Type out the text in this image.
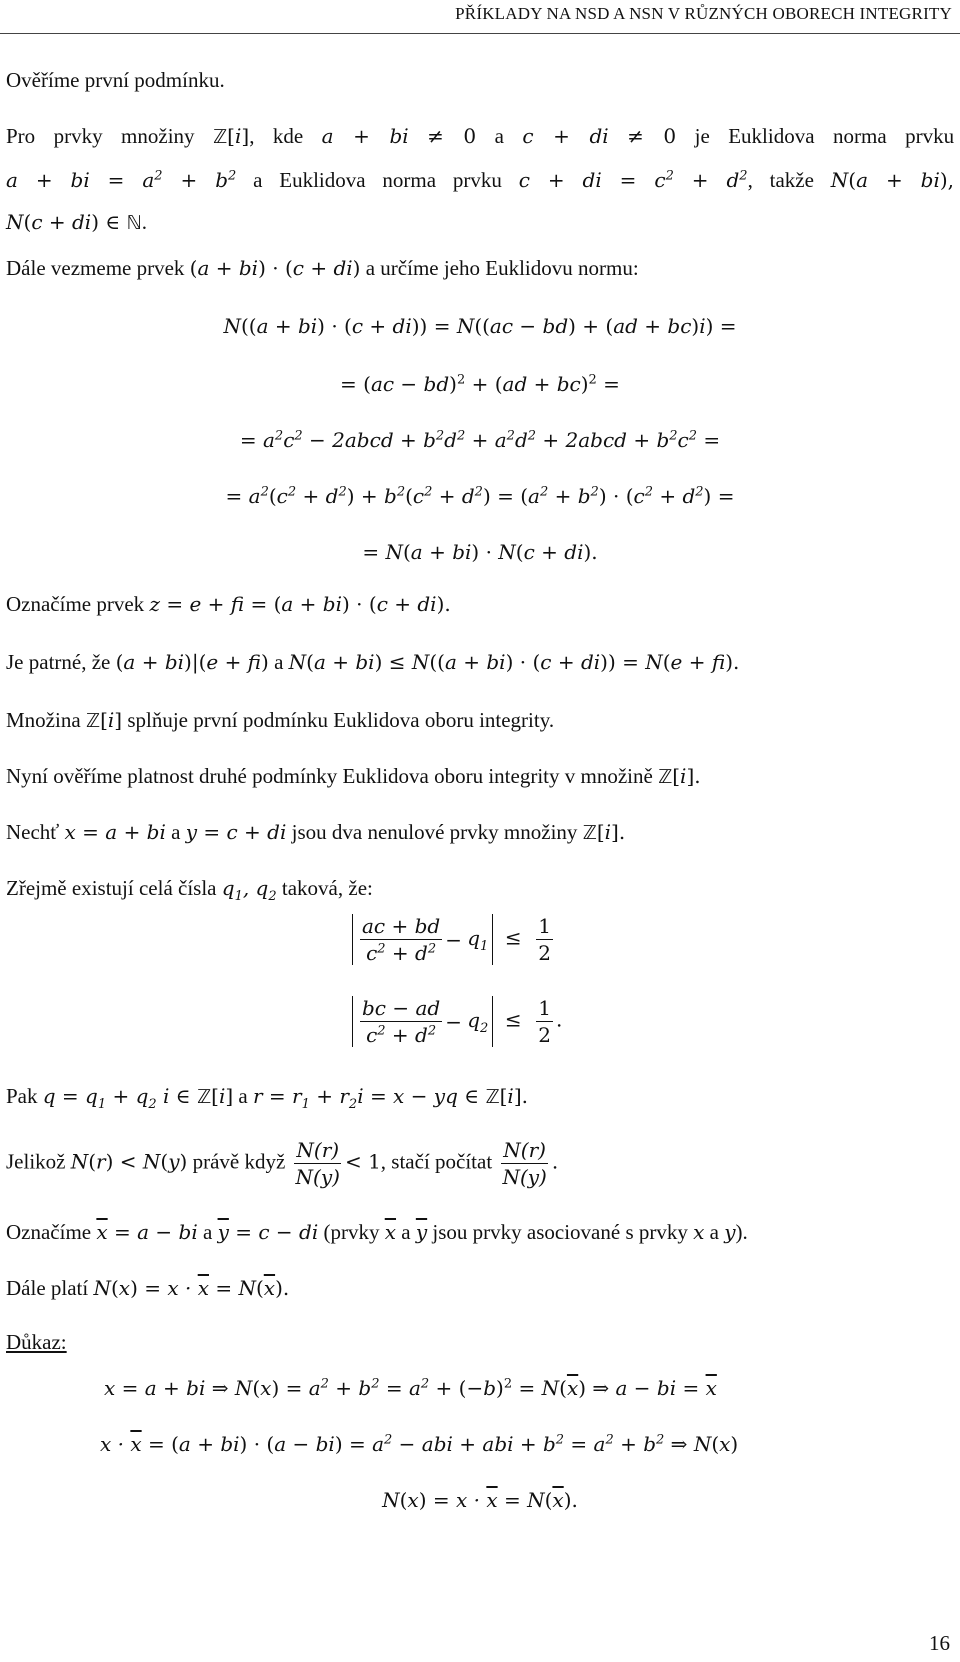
PŘÍKLADY NA NSD A NSN V RŮZNÝCH OBORECH INTEGRITY
Ověříme první podmínku.
Pro prvky množiny ℤ[i], kde a + bi ≠ 0 a c + di ≠ 0 je Euklidova norma prvku
a + bi = $a^2 + b^2$ a Euklidova norma prvku c + di = $c^2 + d^2$, takže N(a + bi),
N(c + di) ∈ ℕ.
Dále vezmeme prvek (a + bi) · (c + di) a určíme jeho Euklidovu normu:
N((a + bi) · (c + di)) = N((ac − bd) + (ad + bc)i) =
= (ac − bd)$^2$ + (ad + bc)$^2$ =
= $a^2c^2$ − 2abcd + $b^2d^2 + a^2d^2$ + 2abcd + $b^2c^2$ =
= $a^2(c^2 + d^2) + b^2(c^2 + d^2) = (a^2 + b^2) \cdot (c^2 + d^2)$ =
= N(a + bi) · N(c + di).
Označíme prvek z = e + fi = (a + bi) · (c + di).
Je patrné, že (a + bi)|(e + fi) a N(a + bi) ≤ N((a + bi) · (c + di)) = N(e + fi).
Množina ℤ[i] splňuje první podmínku Euklidova oboru integrity.
Nyní ověříme platnost druhé podmínky Euklidova oboru integrity v množině ℤ[i].
Nechť x = a + bi a y = c + di jsou dva nenulové prvky množiny ℤ[i].
Zřejmě existují celá čísla $q_1$, $q_2$ taková, že:
$\frac{ac + bd}{c^2 + d^2}$ −
$q_1 \le \frac{1}{2}$
$\frac{bc - ad}{c^2 + d^2}$ −
$q_2 \le \frac{1}{2}$ .
Pak $q = q_1 + q_2$ i ∈ ℤ[i] a $r = r_1 + r_2i = x$ − yq ∈ ℤ[i].
Jelikož N(r) < N(y) právě když $\frac{N(r)}{N(y)} < 1$, stačí počítat $\frac{N(r)}{N(y)}$ .
Označíme $\overline{x} = a$ − bi a $\overline{y} = c$ − di (prvky $\overline{x}$ a $\overline{y}$ jsou prvky asociované s prvky x a y).
Dále platí $N(x) = x \cdot \overline{x} = N(\overline{x})$.
Důkaz:
x = a + bi ⇒ $N(x) = a^2 + b^2 = a^2 + (-b)^2 = N(\overline{x})$ ⇒ a − bi = $\overline{x}$
$x \cdot \overline{x} = (a + bi) \cdot (a - bi) = a^2$ − abi + abi + $b^2 = a^2 + b^2$ ⇒ N(x)
$N(x) = x \cdot \overline{x} = N(\overline{x})$.
16
